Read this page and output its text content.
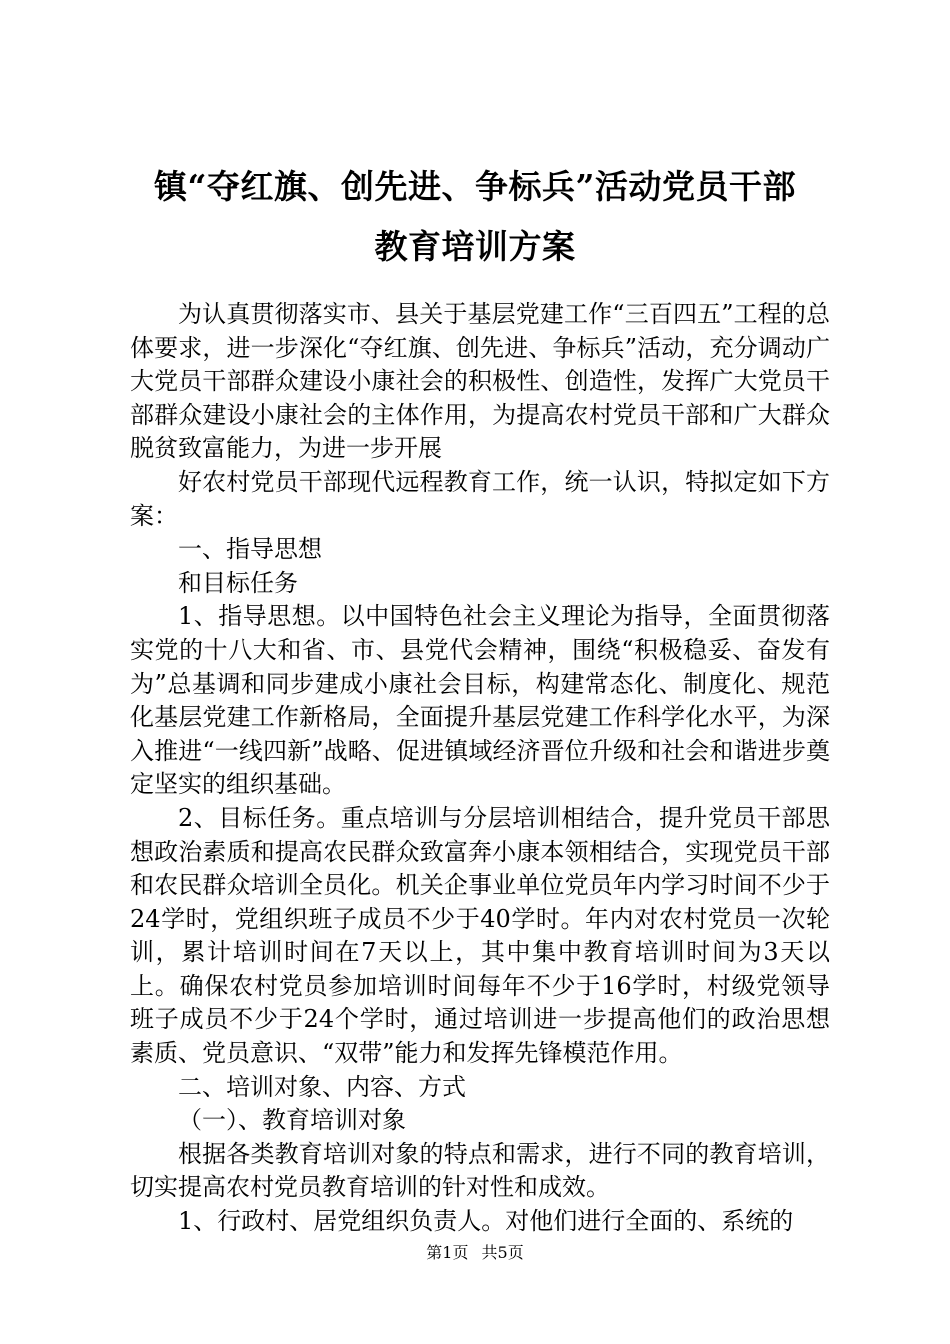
镇“夺红旗、创先进、争标兵”活动党员干部
教育培训方案

为认真贯彻落实市、县关于基层党建工作“三百四五”工程的总体要求，进一步深化“夺红旗、创先进、争标兵”活动，充分调动广大党员干部群众建设小康社会的积极性、创造性，发挥广大党员干部群众建设小康社会的主体作用，为提高农村党员干部和广大群众脱贫致富能力，为进一步开展

好农村党员干部现代远程教育工作，统一认识，特拟定如下方案：

一、指导思想

和目标任务

1、指导思想。以中国特色社会主义理论为指导，全面贯彻落实党的十八大和省、市、县党代会精神，围绕“积极稳妥、奋发有为”总基调和同步建成小康社会目标，构建常态化、制度化、规范化基层党建工作新格局，全面提升基层党建工作科学化水平，为深入推进“一线四新”战略、促进镇域经济晋位升级和社会和谐进步奠定坚实的组织基础。

2、目标任务。重点培训与分层培训相结合，提升党员干部思想政治素质和提高农民群众致富奔小康本领相结合，实现党员干部和农民群众培训全员化。机关企事业单位党员年内学习时间不少于24学时，党组织班子成员不少于40学时。年内对农村党员一次轮训，累计培训时间在7天以上，其中集中教育培训时间为3天以上。确保农村党员参加培训时间每年不少于16学时，村级党领导班子成员不少于24个学时，通过培训进一步提高他们的政治思想素质、党员意识、“双带”能力和发挥先锋模范作用。

二、培训对象、内容、方式

（一）、教育培训对象

根据各类教育培训对象的特点和需求，进行不同的教育培训，切实提高农村党员教育培训的针对性和成效。

1、行政村、居党组织负责人。对他们进行全面的、系统的

第1页 共5页
